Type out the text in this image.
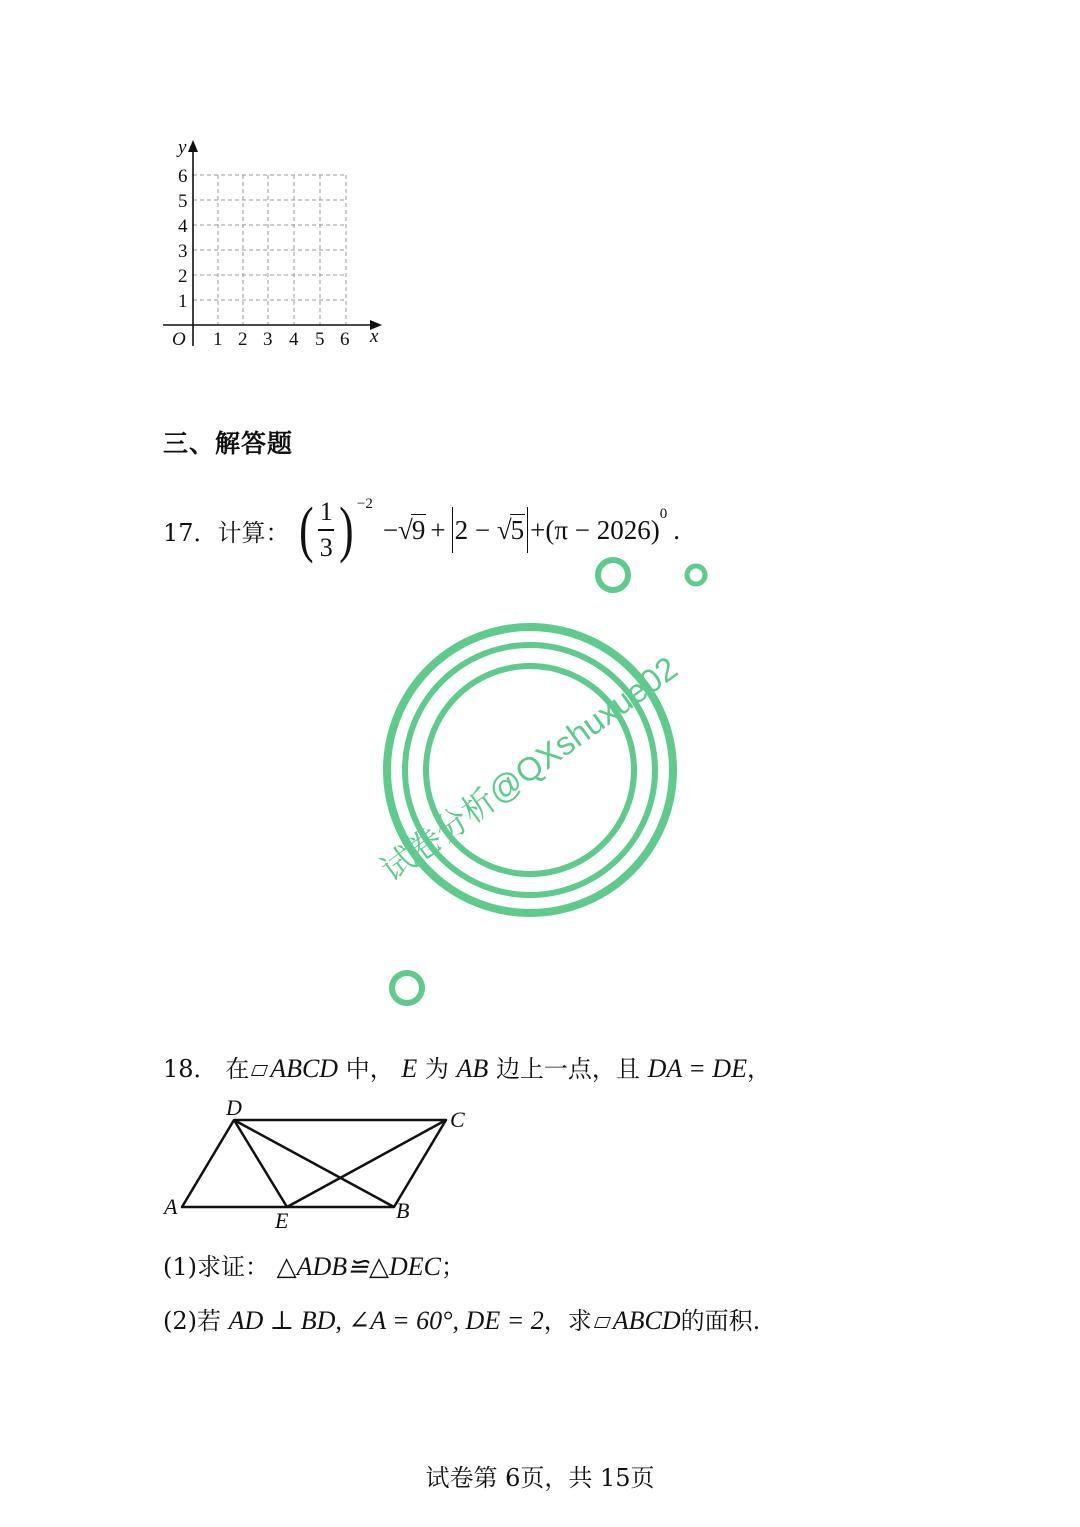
y
x
O
1
2
3
4
5
6
1 2 3 4 5 6
三、解答题
17． 计算： ( $\frac{1}{3}$ ) −2
−√9 + 2 − √5 +(π − 2026)
0
.
试卷分析@QXshuxue02
18． 在 ABCD 中， E 为 AB 边上一点，且 DA = DE，
A	B
C
D
E
(1)求证： △ADB≌△DEC；
(2)若 AD ⊥ BD, ∠A = 60°, DE = 2，求 ABCD的面积.
试卷第 6页，共 15页
